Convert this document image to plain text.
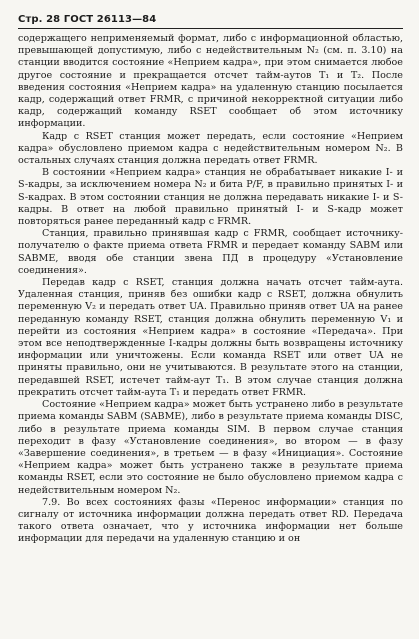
Стр. 28 ГОСТ 26113—84

содержащего неприменяемый формат, либо с информационной областью, превышающей допустимую, либо с недействительным N₂ (см. п. 3.10) на станции вводится состояние «Неприем кадра», при этом снимается любое другое состояние и прекращается отсчет тайм-аутов T₁ и T₂. После введения состояния «Неприем кадра» на удаленную станцию посылается кадр, содержащий ответ FRMR, с причиной некорректной ситуации либо кадр, содержащий команду RSET сообщает об этом источнику информации.

Кадр с RSET станция может передать, если состояние «Неприем кадра» обусловлено приемом кадра с недействительным номером N₂. В остальных случаях станция должна передать ответ FRMR.

В состоянии «Неприем кадра» станция не обрабатывает никакие I- и S-кадры, за исключением номера N₂ и бита P/F, в правильно принятых I- и S-кадрах. В этом состоянии станция не должна передавать никакие I- и S-кадры. В ответ на любой правильно принятый I- и S-кадр может повторяться ранее переданный кадр с FRMR.

Станция, правильно принявшая кадр с FRMR, сообщает источнику-получателю о факте приема ответа FRMR и передает команду SABM или SABME, вводя обе станции звена ПД в процедуру «Установление соединения».

Передав кадр с RSET, станция должна начать отсчет тайм-аута. Удаленная станция, приняв без ошибки кадр с RSET, должна обнулить переменную V₂ и передать ответ UA. Правильно приняв ответ UA на ранее переданную команду RSET, станция должна обнулить переменную V₁ и перейти из состояния «Неприем кадра» в состояние «Передача». При этом все неподтвержденные I-кадры должны быть возвращены источнику информации или уничтожены. Если команда RSET или ответ UA не приняты правильно, они не учитываются. В результате этого на станции, передавшей RSET, истечет тайм-аут T₁. В этом случае станция должна прекратить отсчет тайм-аута T₁ и передать ответ FRMR.

Состояние «Неприем кадра» может быть устранено либо в результате приема команды SABM (SABME), либо в результате приема команды DISC, либо в результате приема команды SIM. В первом случае станция переходит в фазу «Установление соединения», во втором — в фазу «Завершение соединения», в третьем — в фазу «Инициация». Состояние «Неприем кадра» может быть устранено также в результате приема команды RSET, если это состояние не было обусловлено приемом кадра с недействительным номером N₂.

7.9. Во всех состояниях фазы «Перенос информации» станция по сигналу от источника информации должна передать ответ RD. Передача такого ответа означает, что у источника информации нет больше информации для передачи на удаленную станцию и он
